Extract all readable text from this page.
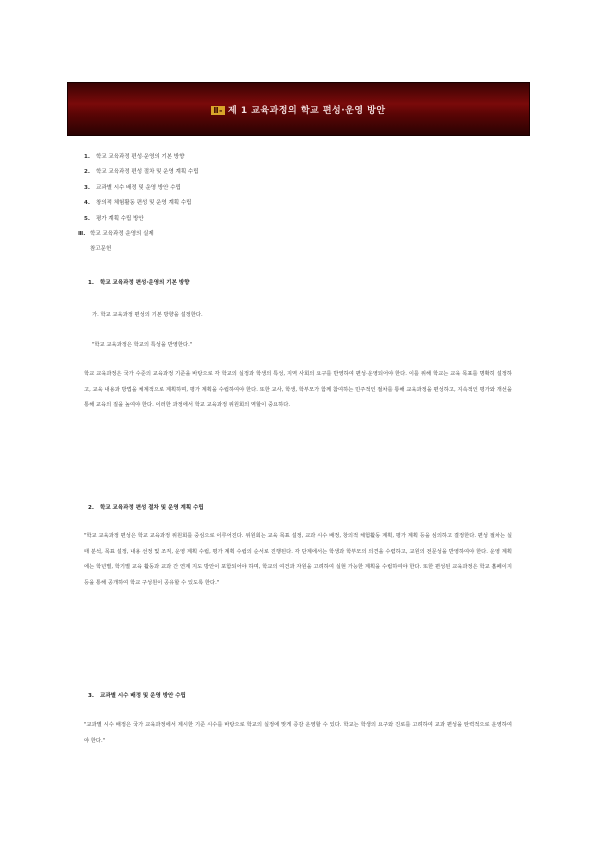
Ⅱ- 제 1 교육과정의 학교 편성·운영 방안
1. 학교 교육과정 편성·운영의 기본 방향
2. 학교 교육과정 편성 절차 및 운영 계획 수립
3. 교과별 시수 배정 및 운영 방안 수립
4. 창의적 체험활동 편성 및 운영 계획 수립
5. 평가 계획 수립 방안
Ⅲ. 학교 교육과정 운영의 실제
참고문헌
1. 학교 교육과정 편성·운영의 기본 방향
가. 학교 교육과정 편성의 기본 방향을 설정한다.
"학교 교육과정은 학교의 특성을 반영한다."

학교 교육과정은 국가 수준의 교육과정 기준을 바탕으로 각 학교의 실정과 학생의 특성, 지역 사회의 요구를 반영하여 편성·운영되어야 한다. 이를 위해 학교는 교육 목표를 명확히 설정하고, 교육 내용과 방법을 체계적으로 계획하며, 평가 계획을 수립하여야 한다. 또한 교사, 학생, 학부모가 함께 참여하는 민주적인 절차를 통해 교육과정을 편성하고, 지속적인 평가와 개선을 통해 교육의 질을 높여야 한다. 이러한 과정에서 학교 교육과정 위원회의 역할이 중요하다.

2. 학교 교육과정 편성 절차 및 운영 계획 수립

"학교 교육과정 편성은 학교 교육과정 위원회를 중심으로 이루어진다. 위원회는 교육 목표 설정, 교과 시수 배정, 창의적 체험활동 계획, 평가 계획 등을 심의하고 결정한다. 편성 절차는 실태 분석, 목표 설정, 내용 선정 및 조직, 운영 계획 수립, 평가 계획 수립의 순서로 진행된다. 각 단계에서는 학생과 학부모의 의견을 수렴하고, 교원의 전문성을 반영하여야 한다. 운영 계획에는 학년별, 학기별 교육 활동과 교과 간 연계 지도 방안이 포함되어야 하며, 학교의 여건과 자원을 고려하여 실현 가능한 계획을 수립하여야 한다. 또한 편성된 교육과정은 학교 홈페이지 등을 통해 공개하여 학교 구성원이 공유할 수 있도록 한다."

3. 교과별 시수 배정 및 운영 방안 수립

"교과별 시수 배정은 국가 교육과정에서 제시한 기준 시수를 바탕으로 학교의 실정에 맞게 증감 운영할 수 있다. 학교는 학생의 요구와 진로를 고려하여 교과 편성을 탄력적으로 운영하여야 한다."
